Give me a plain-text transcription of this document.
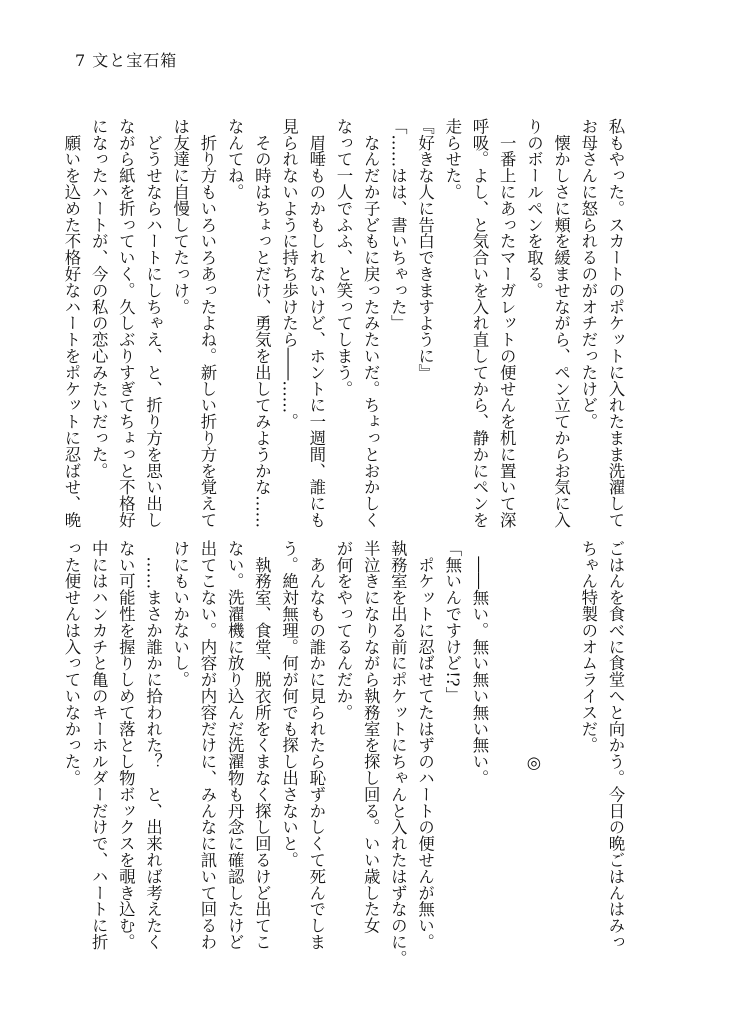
7 文と宝石箱
私もやった。スカートのポケットに入れたまま洗濯して
お母さんに怒られるのがオチだったけど。
　懐かしさに頬を緩ませながら、ペン立てからお気に入
りのボールペンを取る。
　一番上にあったマーガレットの便せんを机に置いて深
呼吸。よし、と気合いを入れ直してから、静かにペンを
走らせた。
『好きな人に告白できますように』
「……はは、書いちゃった」
　なんだか子どもに戻ったみたいだ。ちょっとおかしく
なって一人でふふ、と笑ってしまう。
　眉唾ものかもしれないけど、ホントに一週間、誰にも
見られないように持ち歩けたら――……。
　その時はちょっとだけ、勇気を出してみようかな……
なんてね。
　折り方もいろいろあったよね。新しい折り方を覚えて
は友達に自慢してたっけ。
　どうせならハートにしちゃえ、と、折り方を思い出し
ながら紙を折っていく。久しぶりすぎてちょっと不格好
になったハートが、今の私の恋心みたいだった。
　願いを込めた不格好なハートをポケットに忍ばせ、晩
ごはんを食べに食堂へと向かう。今日の晩ごはんはみっ
ちゃん特製のオムライスだ。

　　　　　　　　　　　　　◎

　――無い。無い無い無い無い。
「無いんですけど!?」
　ポケットに忍ばせてたはずのハートの便せんが無い。
執務室を出る前にポケットにちゃんと入れたはずなのに。
半泣きになりながら執務室を探し回る。いい歳した女
が何をやってるんだか。
　あんなもの誰かに見られたら恥ずかしくて死んでしま
う。絶対無理。何が何でも探し出さないと。
　執務室、食堂、脱衣所をくまなく探し回るけど出てこ
ない。洗濯機に放り込んだ洗濯物も丹念に確認したけど
出てこない。内容が内容だけに、みんなに訊いて回るわ
けにもいかないし。
　……まさか誰かに拾われた？　と、出来れば考えたく
ない可能性を握りしめて落とし物ボックスを覗き込む。
中にはハンカチと亀のキーホルダーだけで、ハートに折
った便せんは入っていなかった。
